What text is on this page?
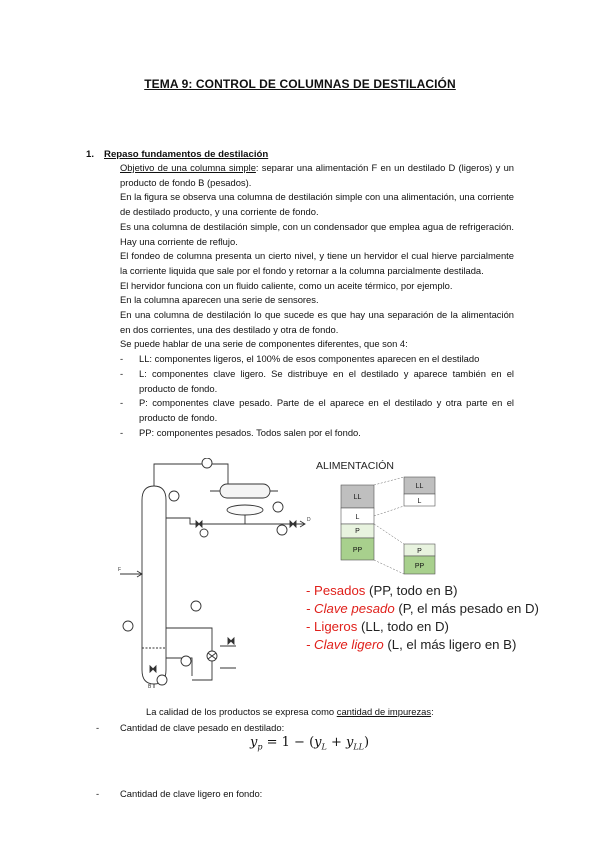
TEMA 9: CONTROL DE COLUMNAS DE DESTILACIÓN
1. Repaso fundamentos de destilación

Objetivo de una columna simple: separar una alimentación F en un destilado D (ligeros) y un producto de fondo B (pesados).

En la figura se observa una columna de destilación simple con una alimentación, una corriente de destilado producto, y una corriente de fondo.

Es una columna de destilación simple, con un condensador que emplea agua de refrigeración. Hay una corriente de reflujo.

El fondeo de columna presenta un cierto nivel, y tiene un hervidor el cual hierve parcialmente la corriente liquida que sale por el fondo y retornar a la columna parcialmente destilada.

El hervidor funciona con un fluido caliente, como un aceite térmico, por ejemplo.

En la columna aparecen una serie de sensores.

En una columna de destilación lo que sucede es que hay una separación de la alimentación en dos corrientes, una des destilado y otra de fondo.

Se puede hablar de una serie de componentes diferentes, que son 4:

- LL: componentes ligeros, el 100% de esos componentes aparecen en el destilado
- L: componentes clave ligero. Se distribuye en el destilado y aparece también en el producto de fondo.
- P: componentes clave pesado. Parte de el aparece en el destilado y otra parte en el producto de fondo.
- PP: componentes pesados. Todos salen por el fondo.
F
D
B
ALIMENTACIÓN
LL
L
P
PP
LL
L
P
PP
- Pesados (PP, todo en B)
- Clave pesado (P, el más pesado en D)
- Ligeros (LL, todo en D)
- Clave ligero (L, el más ligero en B)
La calidad de los productos se expresa como cantidad de impurezas:
- Cantidad de clave pesado en destilado:
$y_p = 1 - (y_L + y_{LL})$
- Cantidad de clave ligero en fondo:
